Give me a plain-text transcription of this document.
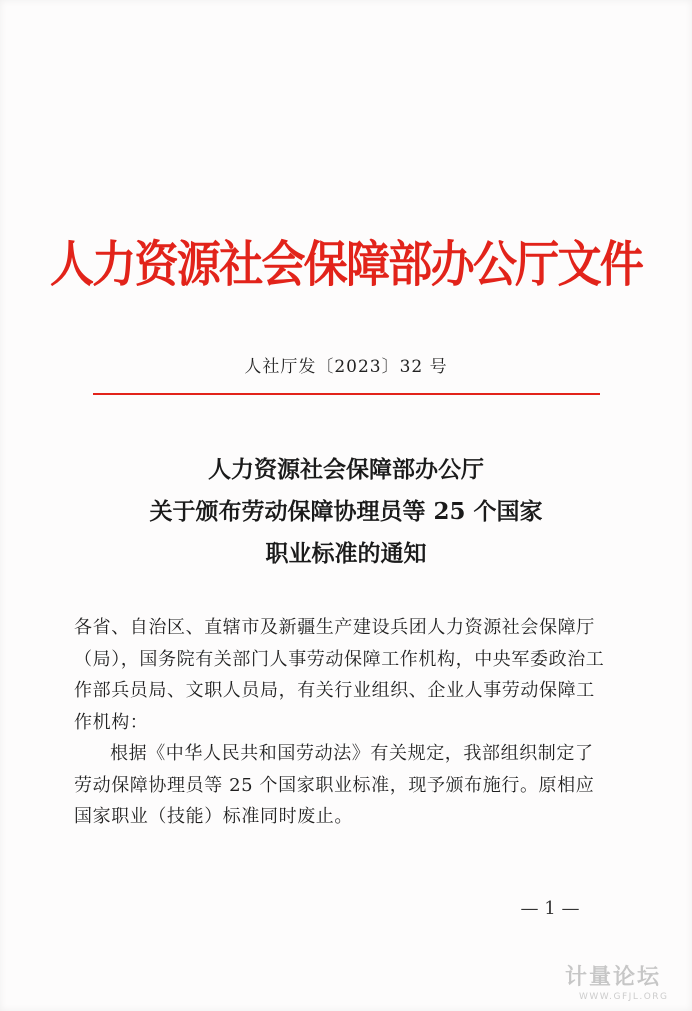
人力资源社会保障部办公厅文件
人社厅发〔2023〕32 号
人力资源社会保障部办公厅
关于颁布劳动保障协理员等 25 个国家
职业标准的通知

各省、自治区、直辖市及新疆生产建设兵团人力资源社会保障厅

（局），国务院有关部门人事劳动保障工作机构，中央军委政治工

作部兵员局、文职人员局，有关行业组织、企业人事劳动保障工

作机构：

根据《中华人民共和国劳动法》有关规定，我部组织制定了

劳动保障协理员等 25 个国家职业标准，现予颁布施行。原相应

国家职业（技能）标准同时废止。

— 1 —
计量论坛
WWW.GFJL.ORG
